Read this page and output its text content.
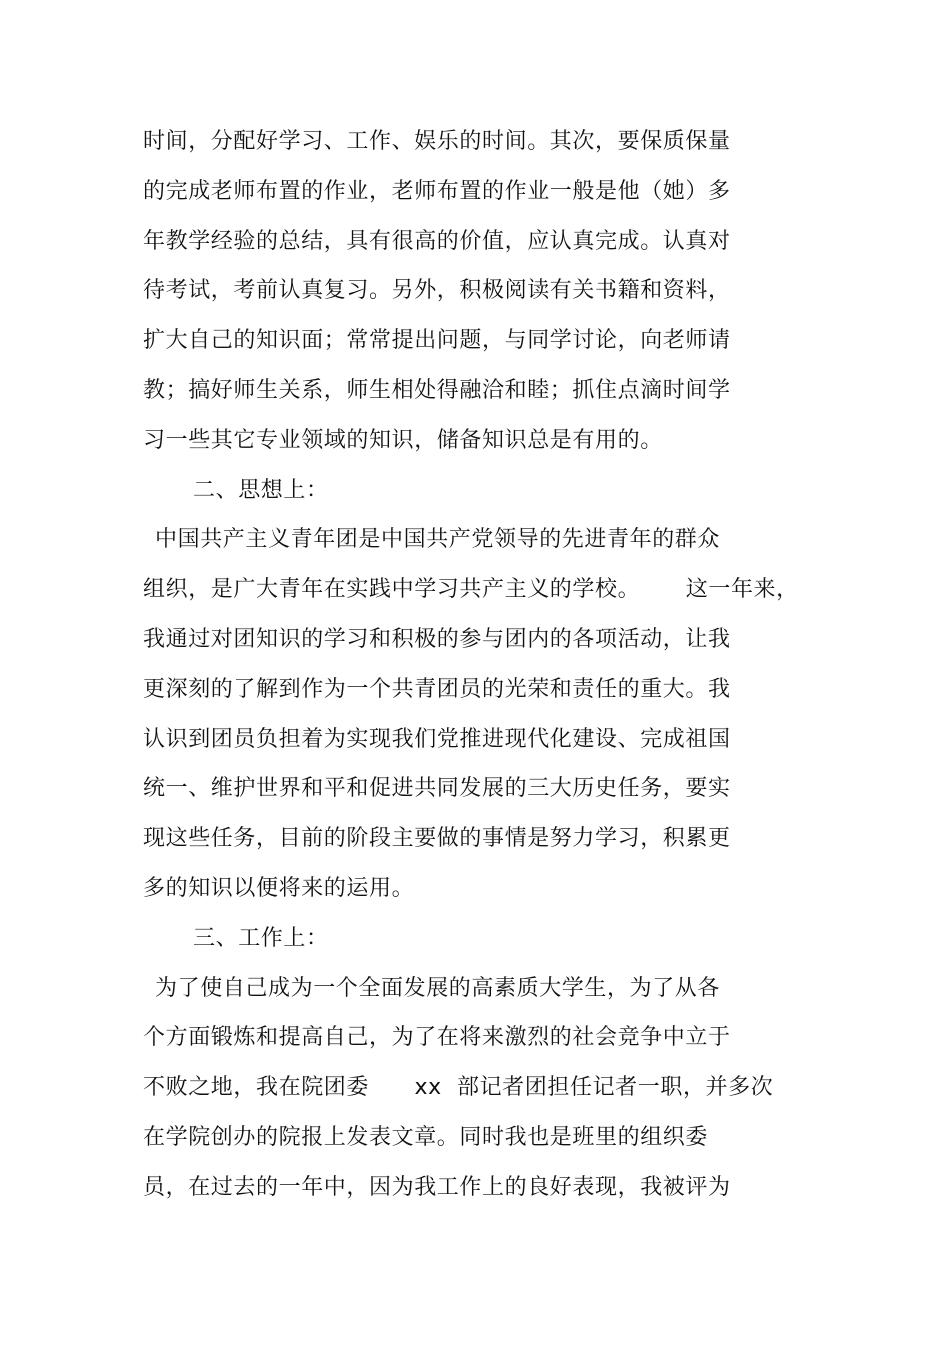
时间，分配好学习、工作、娱乐的时间。其次，要保质保量
的完成老师布置的作业，老师布置的作业一般是他（她）多
年教学经验的总结，具有很高的价值，应认真完成。认真对
待考试，考前认真复习。另外，积极阅读有关书籍和资料，
扩大自己的知识面；常常提出问题，与同学讨论，向老师请
教；搞好师生关系，师生相处得融洽和睦；抓住点滴时间学
习一些其它专业领域的知识，储备知识总是有用的。
二、思想上：
中国共产主义青年团是中国共产党领导的先进青年的群众
组织，是广大青年在实践中学习共产主义的学校。      这一年来，
我通过对团知识的学习和积极的参与团内的各项活动，让我
更深刻的了解到作为一个共青团员的光荣和责任的重大。我
认识到团员负担着为实现我们党推进现代化建设、完成祖国
统一、维护世界和平和促进共同发展的三大历史任务，要实
现这些任务，目前的阶段主要做的事情是努力学习，积累更
多的知识以便将来的运用。
三、工作上：
为了使自己成为一个全面发展的高素质大学生，为了从各
个方面锻炼和提高自己，为了在将来激烈的社会竞争中立于
不败之地，我在院团委      xx  部记者团担任记者一职，并多次
在学院创办的院报上发表文章。同时我也是班里的组织委
员，在过去的一年中，因为我工作上的良好表现，我被评为
